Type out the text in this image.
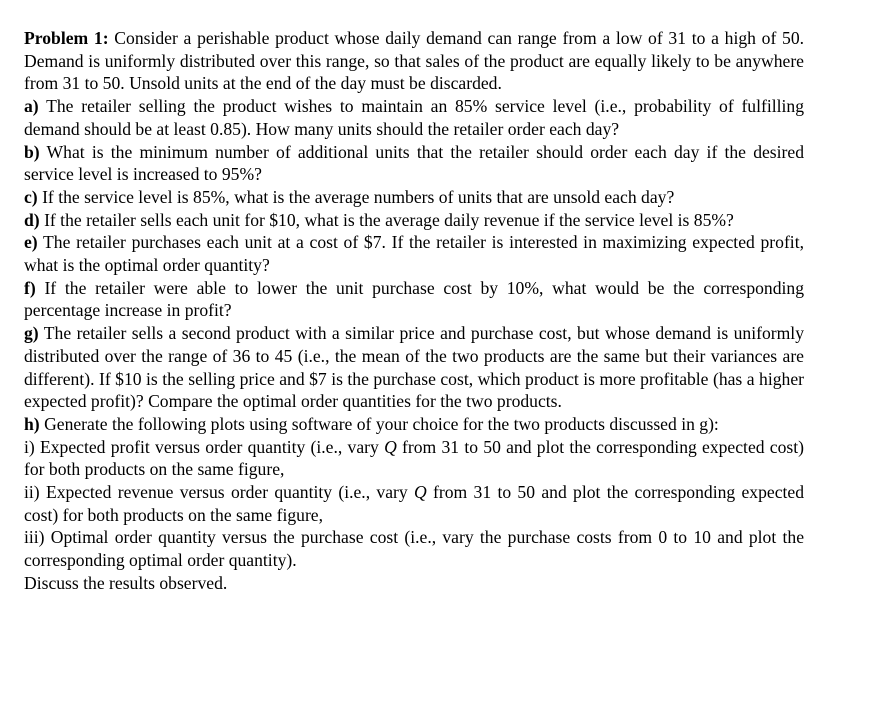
Problem 1: Consider a perishable product whose daily demand can range from a low of 31 to a high of 50. Demand is uniformly distributed over this range, so that sales of the product are equally likely to be anywhere from 31 to 50. Unsold units at the end of the day must be discarded.

a) The retailer selling the product wishes to maintain an 85% service level (i.e., probability of fulfilling demand should be at least 0.85). How many units should the retailer order each day?

b) What is the minimum number of additional units that the retailer should order each day if the desired service level is increased to 95%?

c) If the service level is 85%, what is the average numbers of units that are unsold each day?

d) If the retailer sells each unit for $10, what is the average daily revenue if the service level is 85%?

e) The retailer purchases each unit at a cost of $7. If the retailer is interested in maximizing expected profit, what is the optimal order quantity?

f) If the retailer were able to lower the unit purchase cost by 10%, what would be the corresponding percentage increase in profit?

g) The retailer sells a second product with a similar price and purchase cost, but whose demand is uniformly distributed over the range of 36 to 45 (i.e., the mean of the two products are the same but their variances are different). If $10 is the selling price and $7 is the purchase cost, which product is more profitable (has a higher expected profit)? Compare the optimal order quantities for the two products.

h) Generate the following plots using software of your choice for the two products discussed in g):

i) Expected profit versus order quantity (i.e., vary Q from 31 to 50 and plot the corresponding expected cost) for both products on the same figure,

ii) Expected revenue versus order quantity (i.e., vary Q from 31 to 50 and plot the corresponding expected cost) for both products on the same figure,

iii) Optimal order quantity versus the purchase cost (i.e., vary the purchase costs from 0 to 10 and plot the corresponding optimal order quantity).

Discuss the results observed.
